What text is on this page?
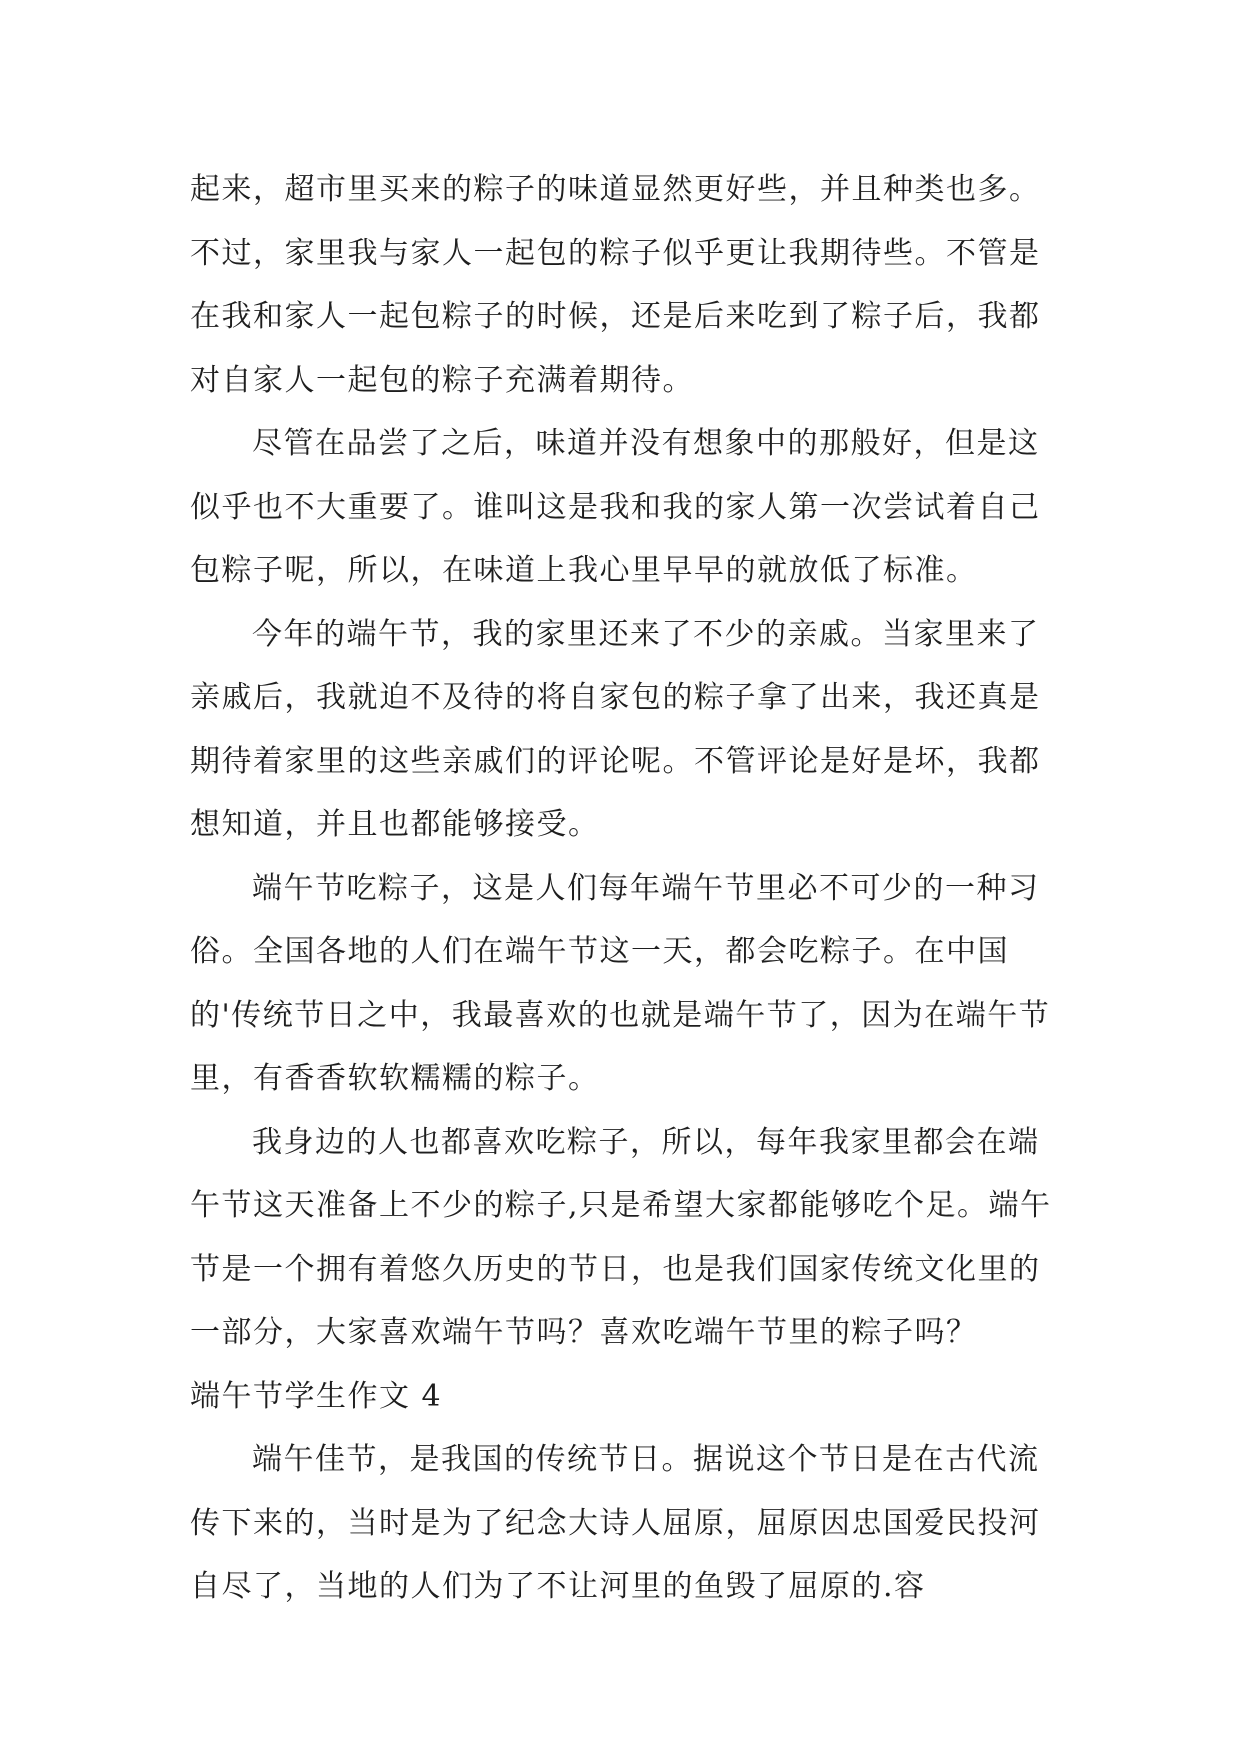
起来，超市里买来的粽子的味道显然更好些，并且种类也多。不过，家里我与家人一起包的粽子似乎更让我期待些。不管是在我和家人一起包粽子的时候，还是后来吃到了粽子后，我都对自家人一起包的粽子充满着期待。

尽管在品尝了之后，味道并没有想象中的那般好，但是这似乎也不大重要了。谁叫这是我和我的家人第一次尝试着自己包粽子呢，所以，在味道上我心里早早的就放低了标准。

今年的端午节，我的家里还来了不少的亲戚。当家里来了亲戚后，我就迫不及待的将自家包的粽子拿了出来，我还真是期待着家里的这些亲戚们的评论呢。不管评论是好是坏，我都想知道，并且也都能够接受。

端午节吃粽子，这是人们每年端午节里必不可少的一种习俗。全国各地的人们在端午节这一天，都会吃粽子。在中国的'传统节日之中，我最喜欢的也就是端午节了，因为在端午节里，有香香软软糯糯的粽子。

我身边的人也都喜欢吃粽子，所以，每年我家里都会在端午节这天准备上不少的粽子,只是希望大家都能够吃个足。端午节是一个拥有着悠久历史的节日，也是我们国家传统文化里的一部分，大家喜欢端午节吗？喜欢吃端午节里的粽子吗？

端午节学生作文 4

端午佳节，是我国的传统节日。据说这个节日是在古代流传下来的，当时是为了纪念大诗人屈原，屈原因忠国爱民投河自尽了，当地的人们为了不让河里的鱼毁了屈原的.容
